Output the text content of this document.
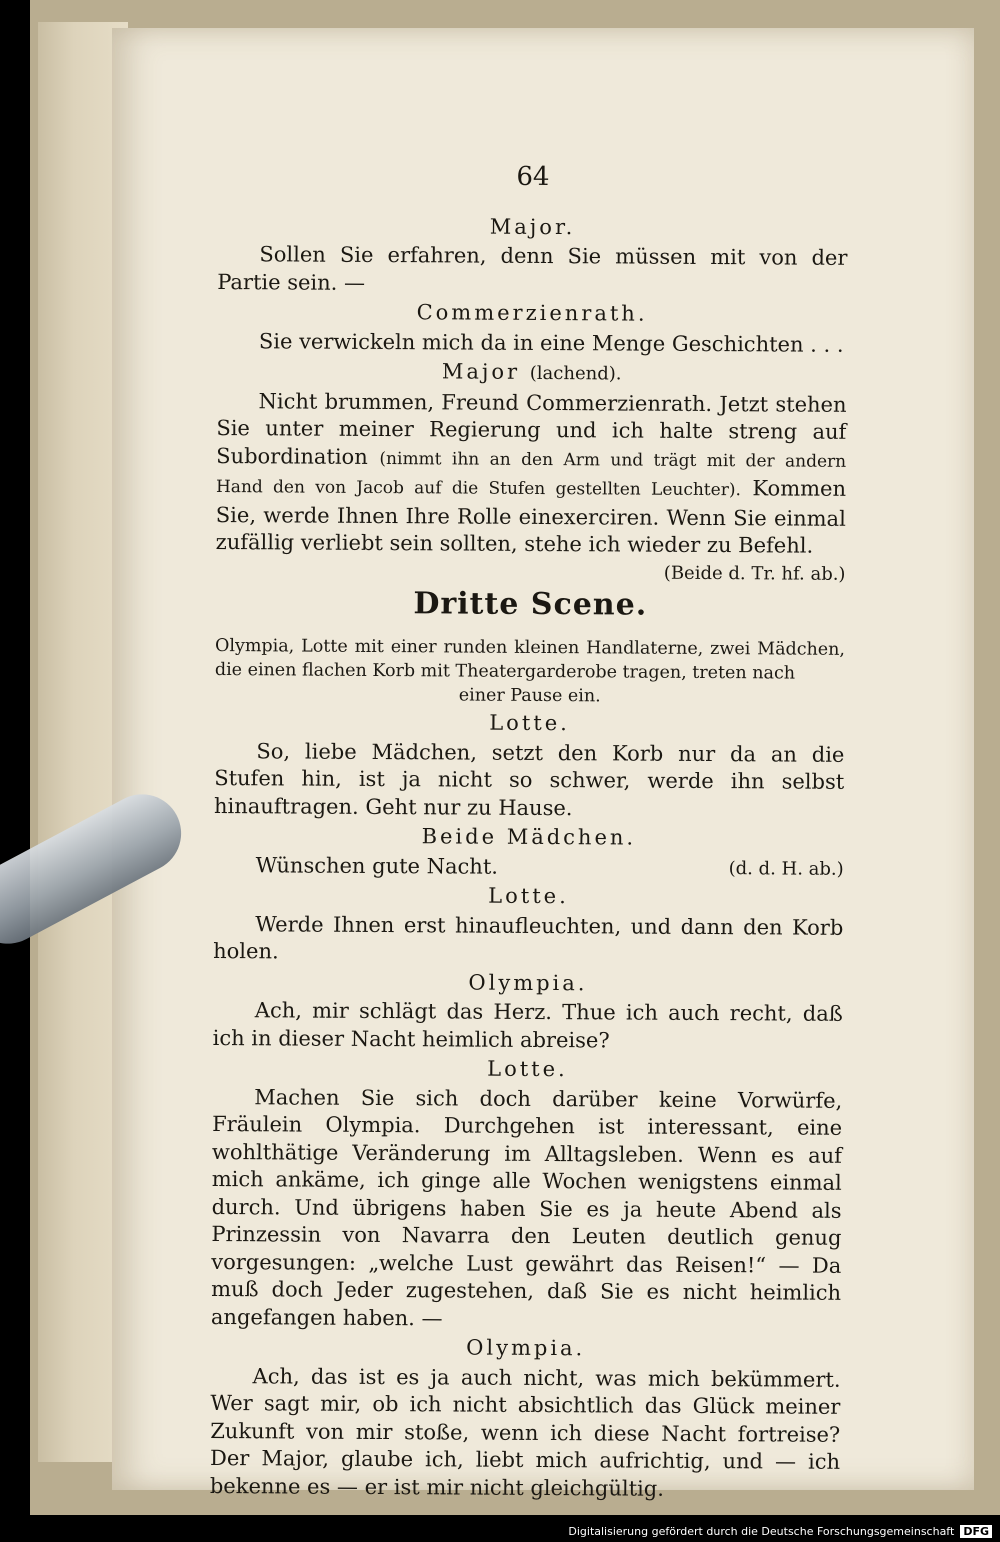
64
Major.
Sollen Sie erfahren, denn Sie müssen mit von der Partie sein. —
Commerzienrath.
Sie verwickeln mich da in eine Menge Geschichten . . .
Major (lachend).
Nicht brummen, Freund Commerzienrath. Jetzt stehen Sie unter meiner Regierung und ich halte streng auf Subordination (nimmt ihn an den Arm und trägt mit der andern Hand den von Jacob auf die Stufen gestellten Leuchter). Kommen Sie, werde Ihnen Ihre Rolle einexerciren. Wenn Sie einmal zufällig verliebt sein sollten, stehe ich wieder zu Befehl.
(Beide d. Tr. hf. ab.)
Dritte Scene.
Olympia, Lotte mit einer runden kleinen Handlaterne, zwei Mädchen, die einen flachen Korb mit Theatergarderobe tragen, treten nach
einer Pause ein.
Lotte.
So, liebe Mädchen, setzt den Korb nur da an die Stufen hin, ist ja nicht so schwer, werde ihn selbst hinauftragen. Geht nur zu Hause.
Beide Mädchen.
Wünschen gute Nacht.	(d. d. H. ab.)
Lotte.
Werde Ihnen erst hinaufleuchten, und dann den Korb holen.
Olympia.
Ach, mir schlägt das Herz. Thue ich auch recht, daß ich in dieser Nacht heimlich abreise?
Lotte.
Machen Sie sich doch darüber keine Vorwürfe, Fräulein Olympia. Durchgehen ist interessant, eine wohlthätige Veränderung im Alltagsleben. Wenn es auf mich ankäme, ich ginge alle Wochen wenigstens einmal durch. Und übrigens haben Sie es ja heute Abend als Prinzessin von Navarra den Leuten deutlich genug vorgesungen: „welche Lust gewährt das Reisen!“ — Da muß doch Jeder zugestehen, daß Sie es nicht heimlich angefangen haben. —
Olympia.
Ach, das ist es ja auch nicht, was mich bekümmert. Wer sagt mir, ob ich nicht absichtlich das Glück meiner Zukunft von mir stoße, wenn ich diese Nacht fortreise? Der Major, glaube ich, liebt mich aufrichtig, und — ich bekenne es — er ist mir nicht gleichgültig.
Digitalisierung gefördert durch die Deutsche Forschungsgemeinschaft DFG
